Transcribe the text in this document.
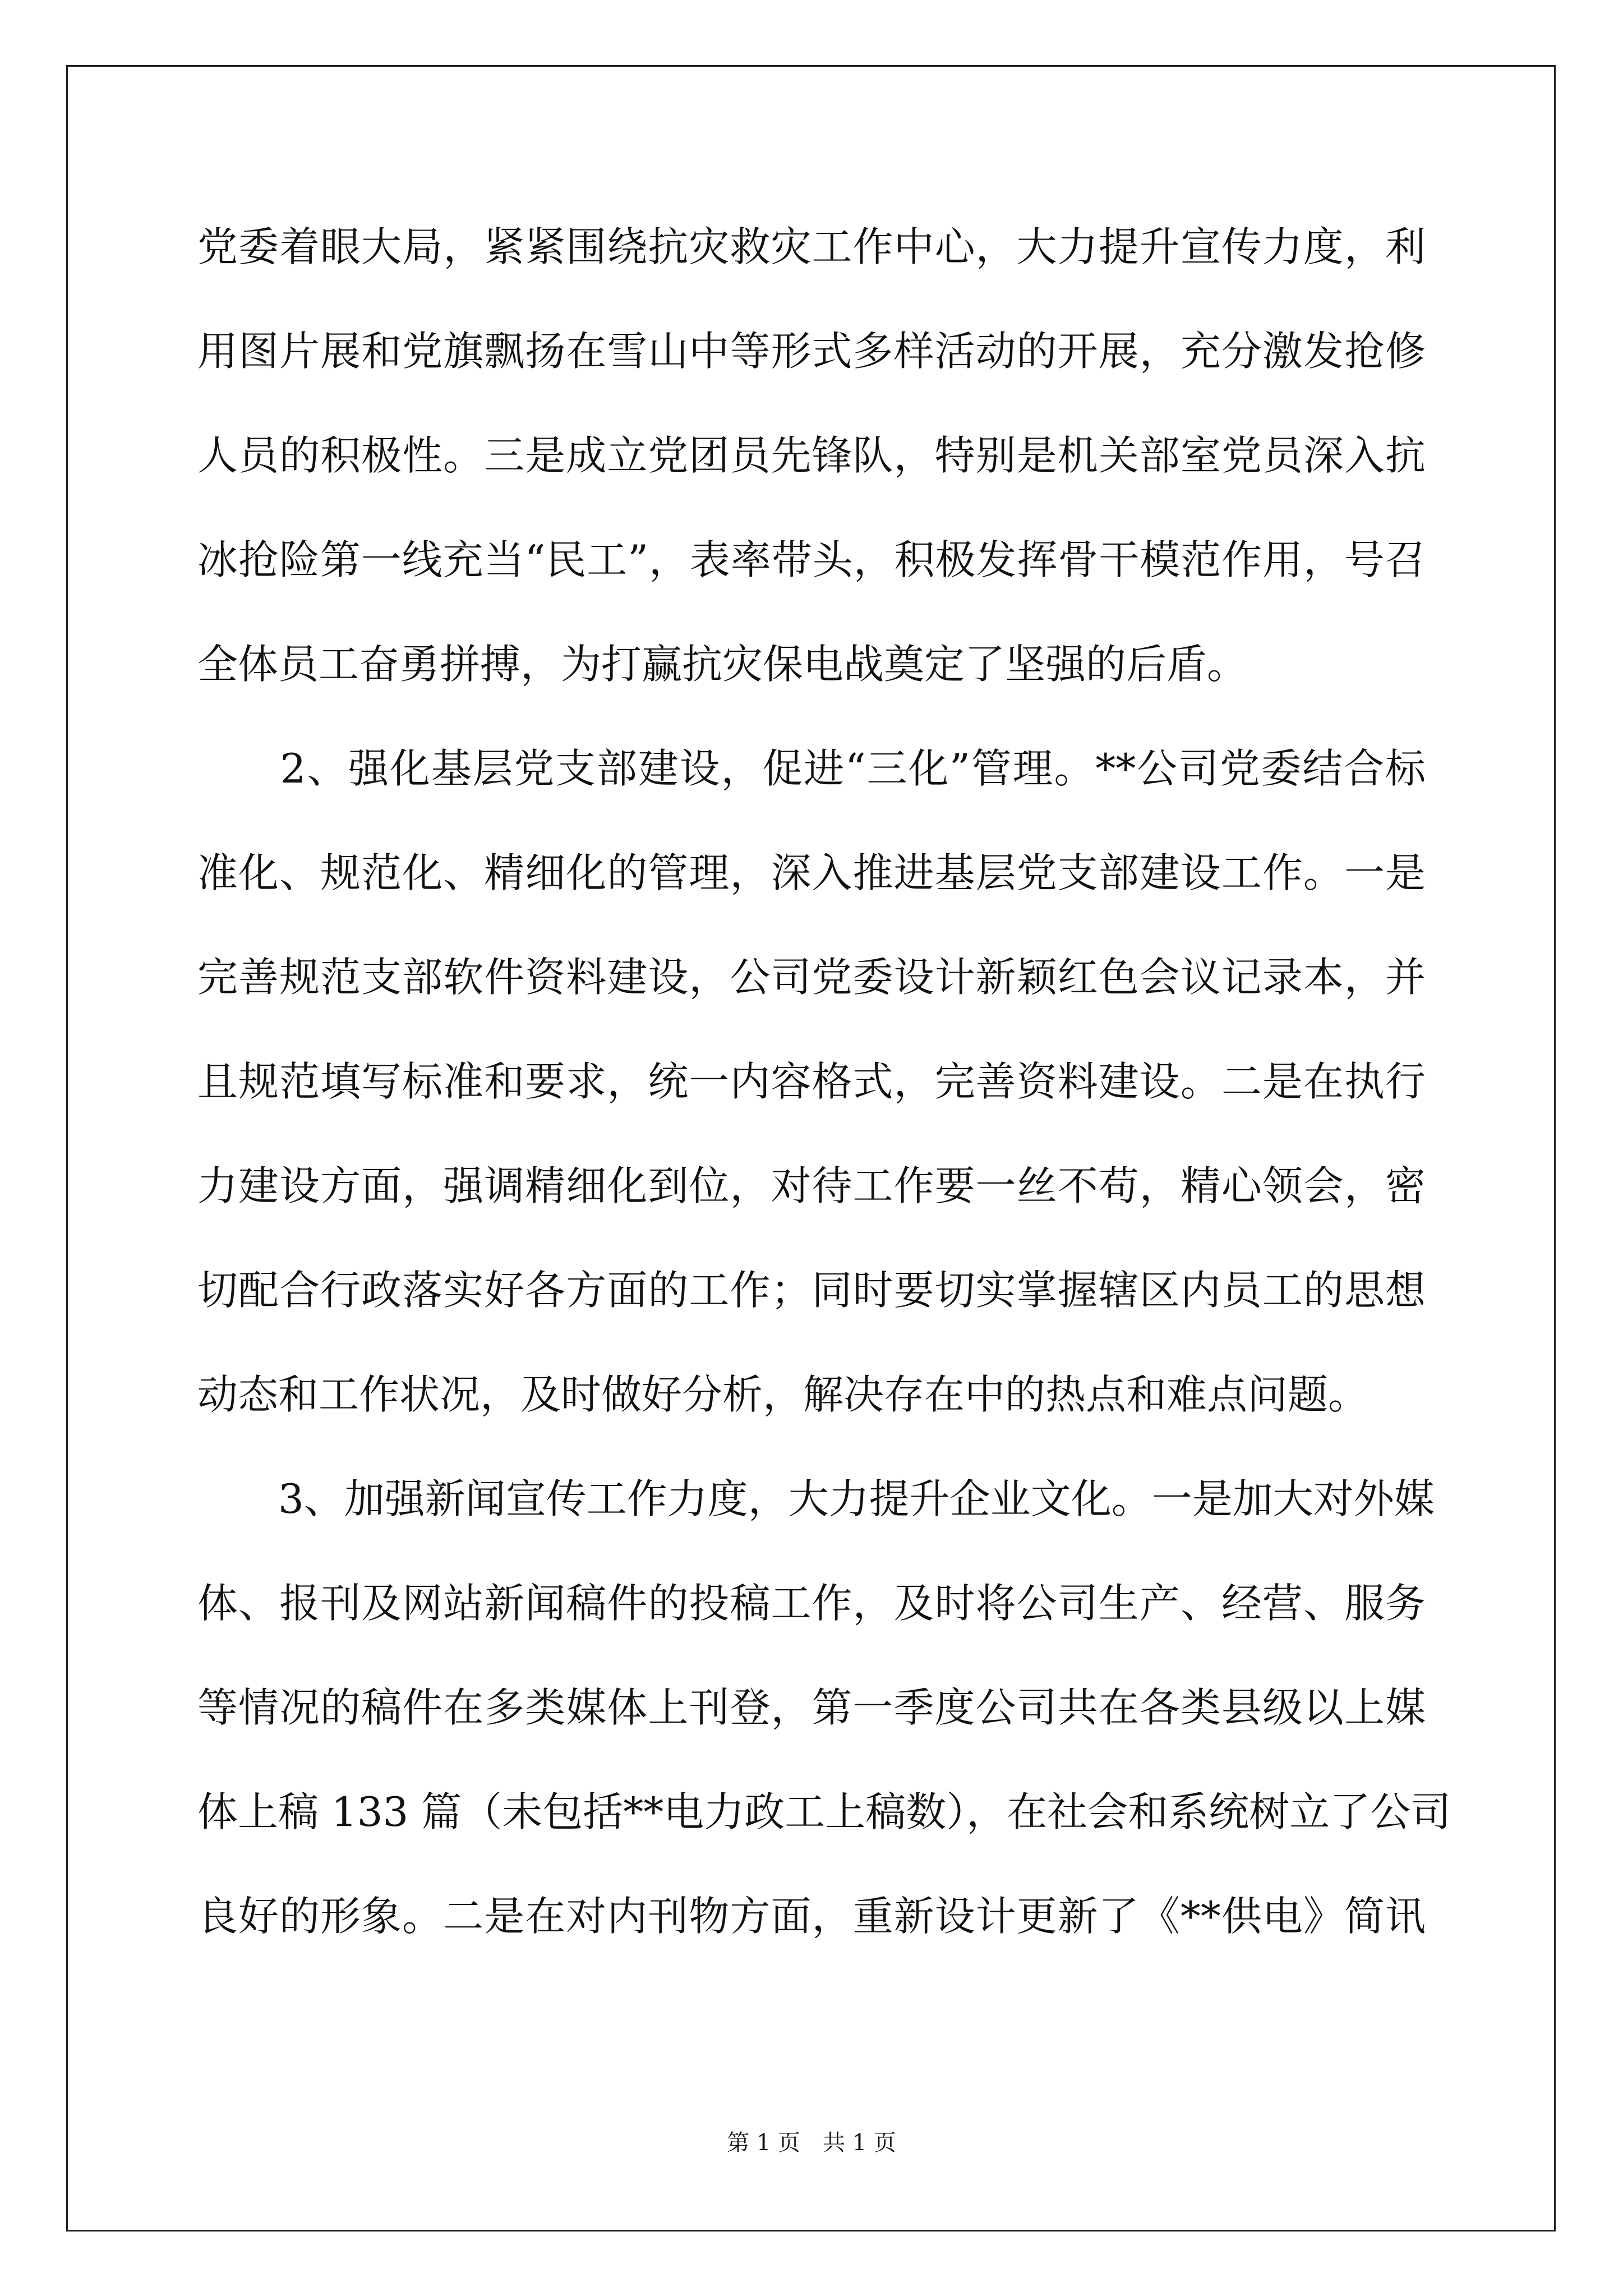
党委着眼大局，紧紧围绕抗灾救灾工作中心，大力提升宣传力度，利
用图片展和党旗飘扬在雪山中等形式多样活动的开展，充分激发抢修
人员的积极性。三是成立党团员先锋队，特别是机关部室党员深入抗
冰抢险第一线充当“民工”，表率带头，积极发挥骨干模范作用，号召
全体员工奋勇拼搏，为打赢抗灾保电战奠定了坚强的后盾。
　　2、强化基层党支部建设，促进“三化”管理。**公司党委结合标
准化、规范化、精细化的管理，深入推进基层党支部建设工作。一是
完善规范支部软件资料建设，公司党委设计新颖红色会议记录本，并
且规范填写标准和要求，统一内容格式，完善资料建设。二是在执行
力建设方面，强调精细化到位，对待工作要一丝不苟，精心领会，密
切配合行政落实好各方面的工作；同时要切实掌握辖区内员工的思想
动态和工作状况，及时做好分析，解决存在中的热点和难点问题。
　　3、加强新闻宣传工作力度，大力提升企业文化。一是加大对外媒
体、报刊及网站新闻稿件的投稿工作，及时将公司生产、经营、服务
等情况的稿件在多类媒体上刊登，第一季度公司共在各类县级以上媒
体上稿 133 篇（未包括**电力政工上稿数），在社会和系统树立了公司
良好的形象。二是在对内刊物方面，重新设计更新了《**供电》简讯
第 1 页　共 1 页
